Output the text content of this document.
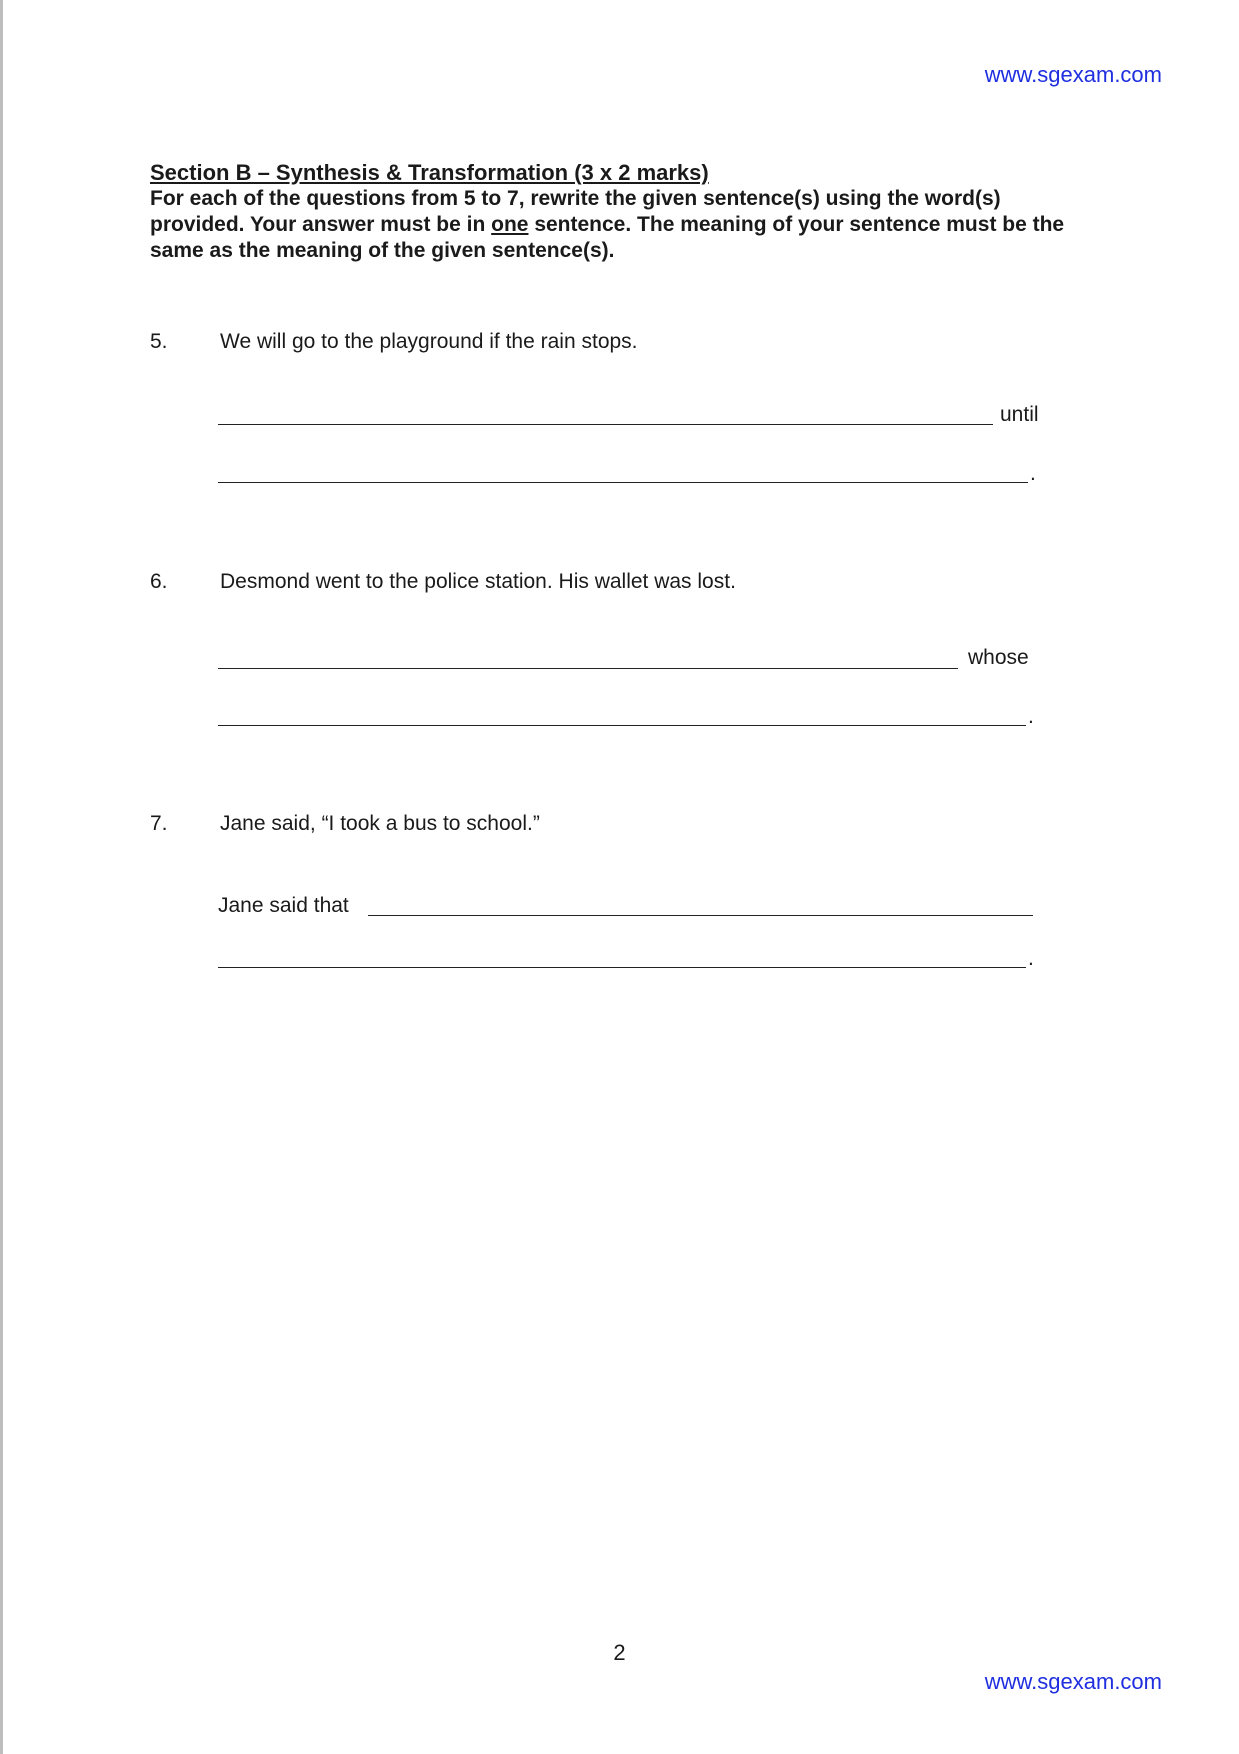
www.sgexam.com

Section B – Synthesis & Transformation (3 x 2 marks)

For each of the questions from 5 to 7, rewrite the given sentence(s) using the word(s) provided. Your answer must be in one sentence. The meaning of your sentence must be the same as the meaning of the given sentence(s).

5. We will go to the playground if the rain stops.
until
.
6. Desmond went to the police station. His wallet was lost.
whose
.
7. Jane said, “I took a bus to school.”
Jane said that
.
2
www.sgexam.com
